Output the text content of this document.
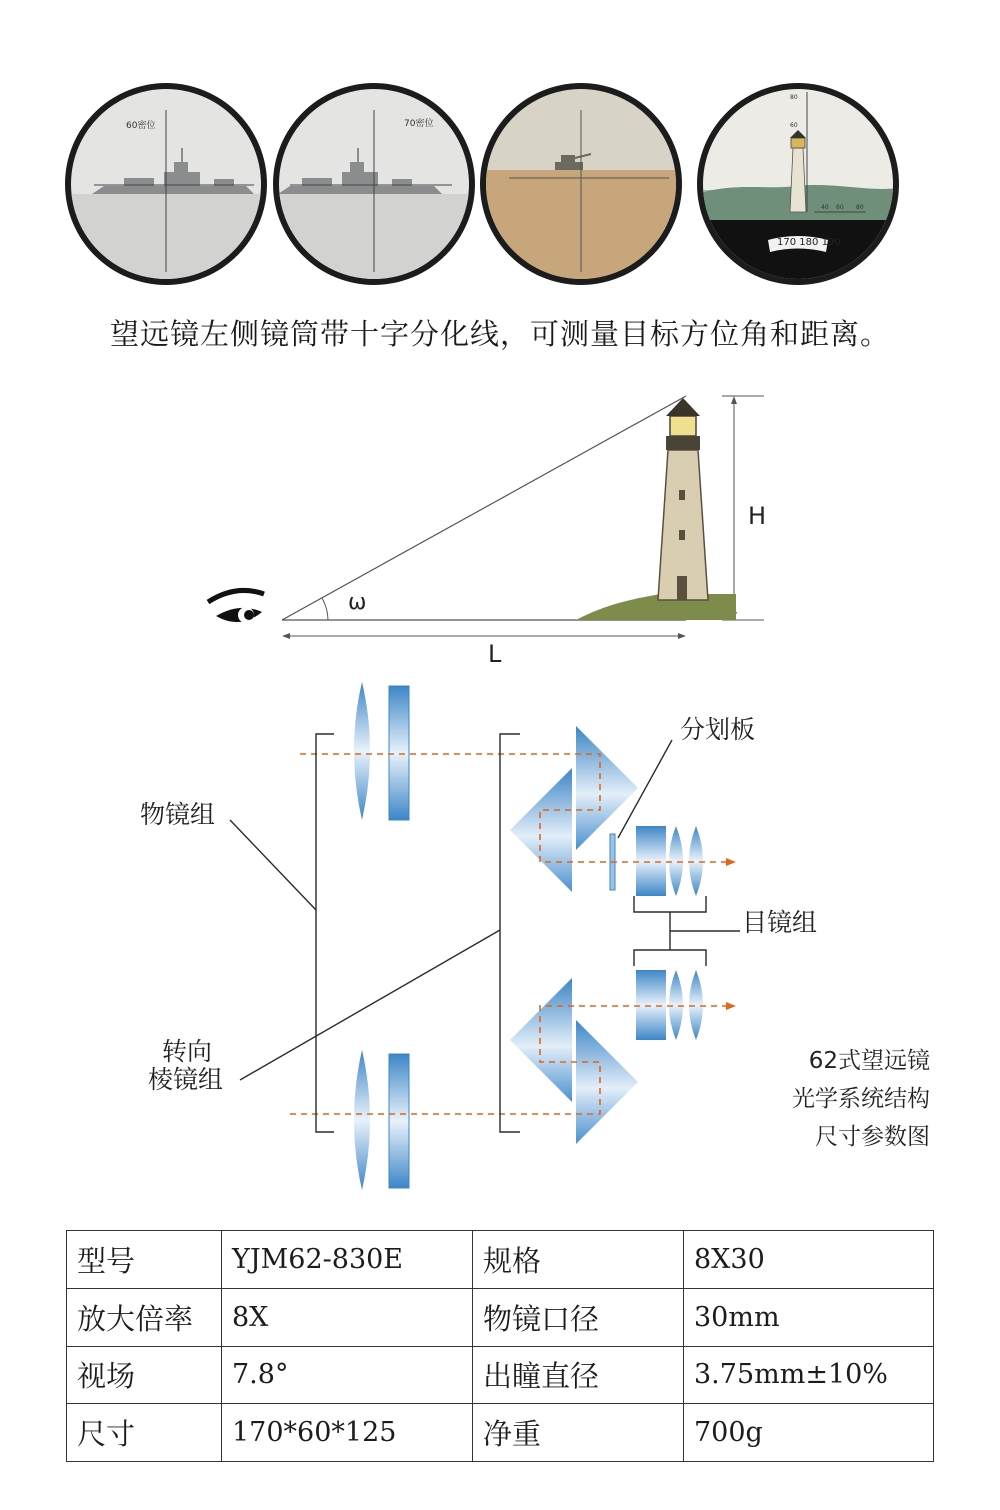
60密位	70密位
170 180 190
80
60
40 60 80
望远镜左侧镜筒带十字分化线，可测量目标方位角和距离。
ω
H
L
分划板
物镜组
目镜组
转向
棱镜组
62式望远镜
光学系统结构
尺寸参数图
型号	YJM62-830E	规格	8X30
放大倍率	8X	物镜口径	30mm
视场	7.8°	出瞳直径	3.75mm±10%
尺寸	170*60*125	净重	700g
